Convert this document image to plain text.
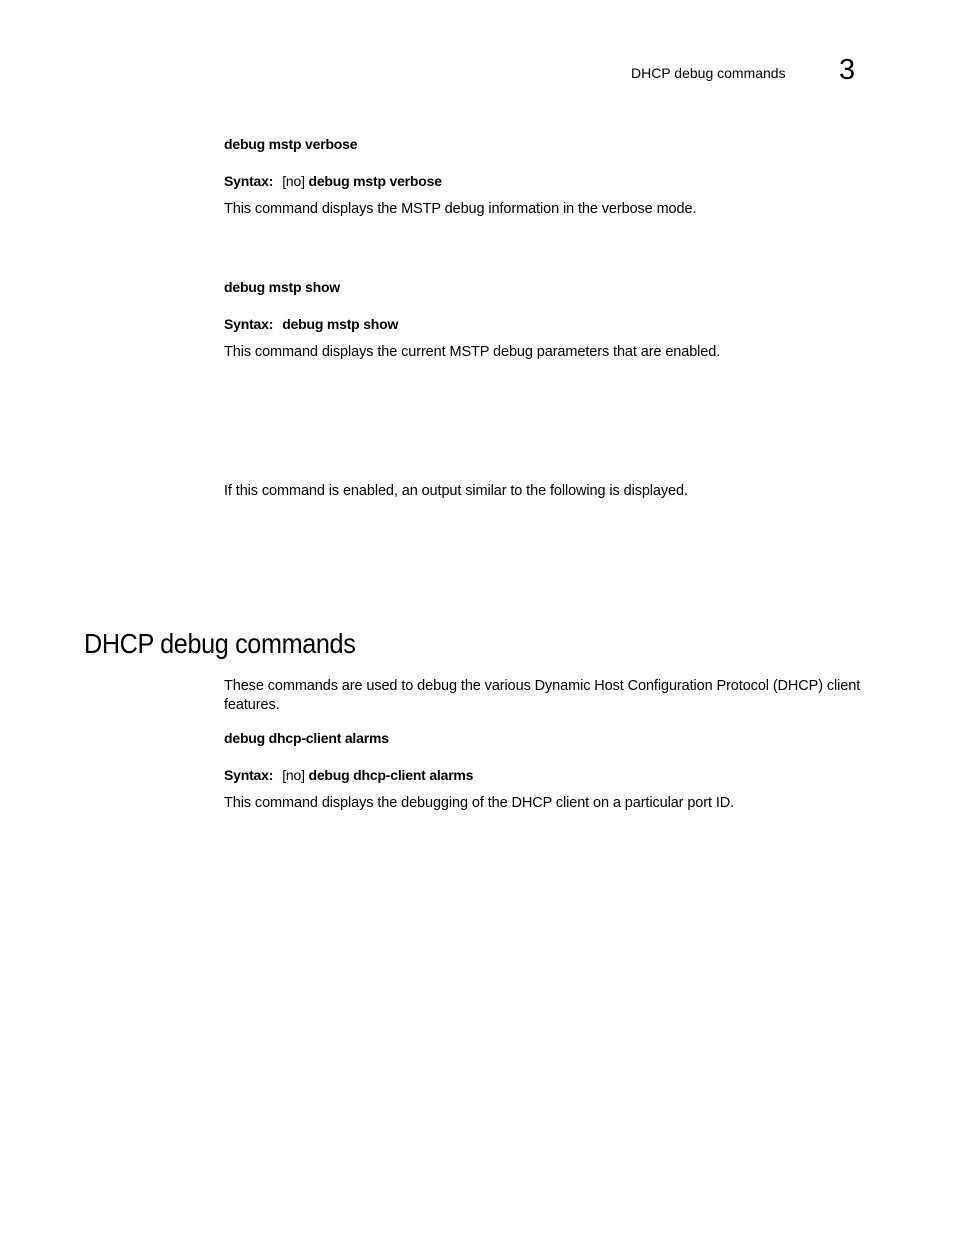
DHCP debug commands 3
debug mstp verbose
Syntax: [no] debug mstp verbose
This command displays the MSTP debug information in the verbose mode.
debug mstp show
Syntax: debug mstp show
This command displays the current MSTP debug parameters that are enabled.
If this command is enabled, an output similar to the following is displayed.
DHCP debug commands
These commands are used to debug the various Dynamic Host Configuration Protocol (DHCP) client features.
debug dhcp-client alarms
Syntax: [no] debug dhcp-client alarms
This command displays the debugging of the DHCP client on a particular port ID.
